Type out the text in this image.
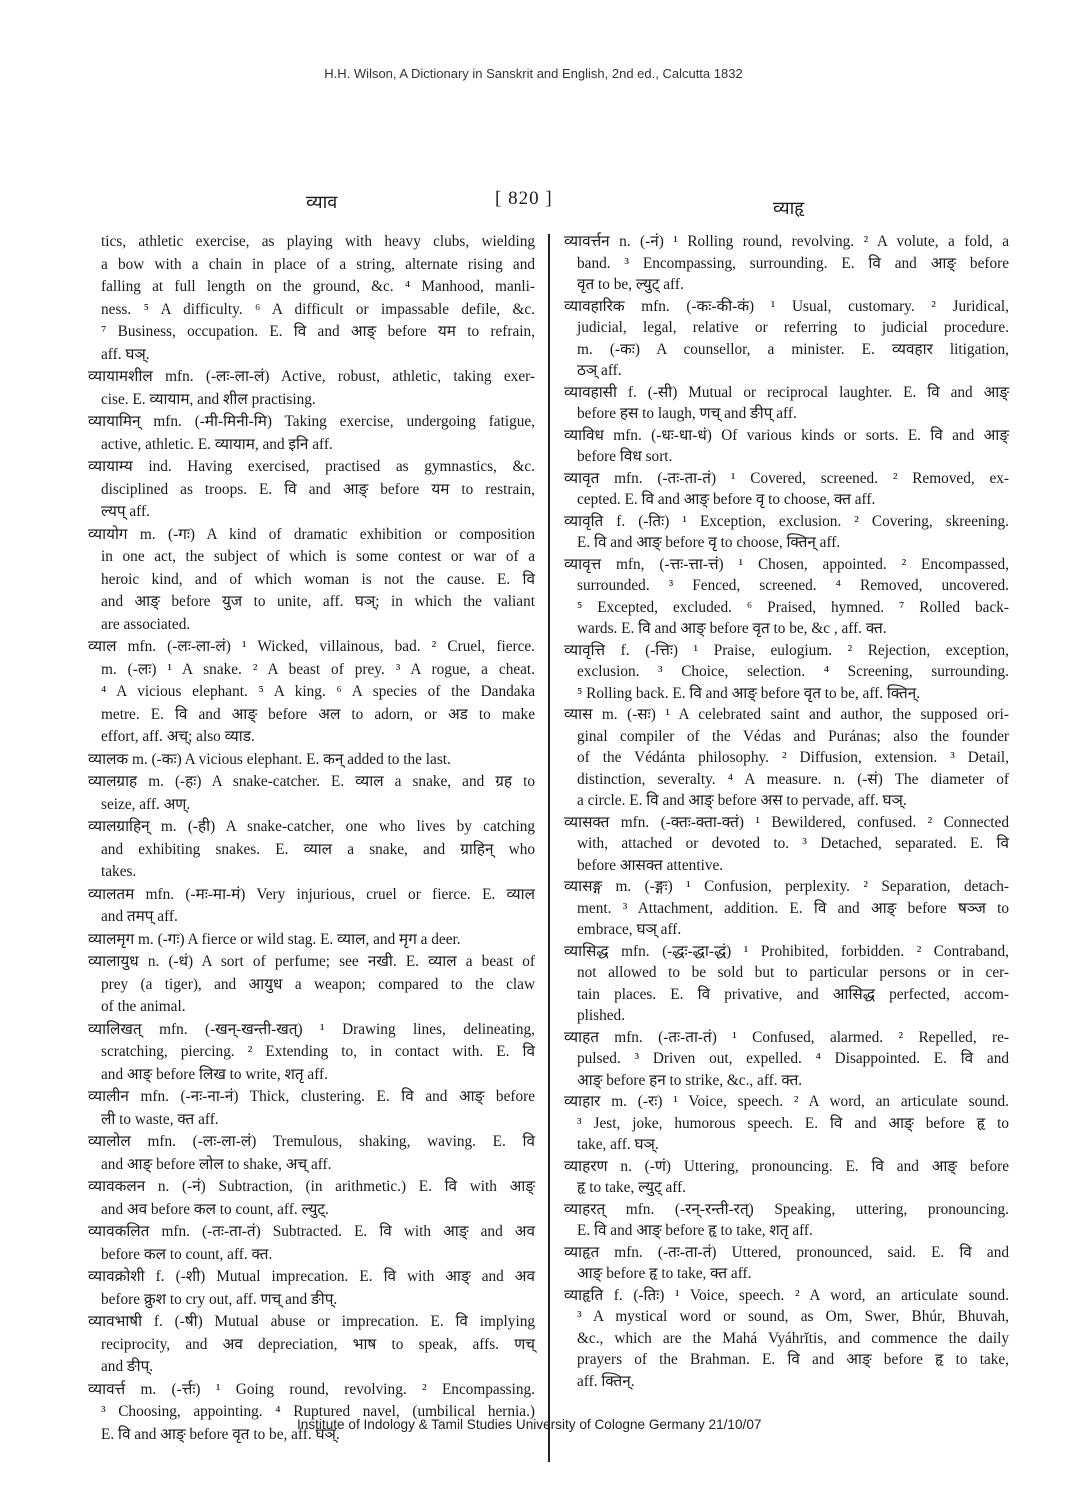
H.H. Wilson, A Dictionary in Sanskrit and English, 2nd ed., Calcutta 1832
व्याव	[ 820 ]	व्याहृ
tics, athletic exercise, as playing with heavy clubs, wielding
a bow with a chain in place of a string, alternate rising and
falling at full length on the ground, &c. ⁴ Manhood, manli-
ness. ⁵ A difficulty. ⁶ A difficult or impassable defile, &c.
⁷ Business, occupation. E. वि and आङ् before यम to refrain,
aff. घञ्.
व्यायामशील mfn. (-लः-ला-लं) Active, robust, athletic, taking exer-
cise. E. व्यायाम, and शील practising.
व्यायामिन् mfn. (-मी-मिनी-मि) Taking exercise, undergoing fatigue,
active, athletic. E. व्यायाम, and इनि aff.
व्यायाम्य ind. Having exercised, practised as gymnastics, &c.
disciplined as troops. E. वि and आङ् before यम to restrain,
ल्यप् aff.
व्यायोग m. (-गः) A kind of dramatic exhibition or composition
in one act, the subject of which is some contest or war of a
heroic kind, and of which woman is not the cause. E. वि
and आङ् before युज to unite, aff. घञ्; in which the valiant
are associated.
व्याल mfn. (-लः-ला-लं) ¹ Wicked, villainous, bad. ² Cruel, fierce.
m. (-लः) ¹ A snake. ² A beast of prey. ³ A rogue, a cheat.
⁴ A vicious elephant. ⁵ A king. ⁶ A species of the Dandaka
metre. E. वि and आङ् before अल to adorn, or अड to make
effort, aff. अच्; also व्याड.
व्यालक m. (-कः) A vicious elephant. E. कन् added to the last.
व्यालग्राह m. (-हः) A snake-catcher. E. व्याल a snake, and ग्रह to
seize, aff. अण्.
व्यालग्राहिन् m. (-ही) A snake-catcher, one who lives by catching
and exhibiting snakes. E. व्याल a snake, and ग्राहिन् who
takes.
व्यालतम mfn. (-मः-मा-मं) Very injurious, cruel or fierce. E. व्याल
and तमप् aff.
व्यालमृग m. (-गः) A fierce or wild stag. E. व्याल, and मृग a deer.
व्यालायुध n. (-धं) A sort of perfume; see नखी. E. व्याल a beast of
prey (a tiger), and आयुध a weapon; compared to the claw
of the animal.
व्यालिखत् mfn. (-खन्-खन्ती-खत्) ¹ Drawing lines, delineating,
scratching, piercing. ² Extending to, in contact with. E. वि
and आङ् before लिख to write, शतृ aff.
व्यालीन mfn. (-नः-ना-नं) Thick, clustering. E. वि and आङ् before
ली to waste, क्त aff.
व्यालोल mfn. (-लः-ला-लं) Tremulous, shaking, waving. E. वि
and आङ् before लोल to shake, अच् aff.
व्यावकलन n. (-नं) Subtraction, (in arithmetic.) E. वि with आङ्
and अव before कल to count, aff. ल्युट्.
व्यावकलित mfn. (-तः-ता-तं) Subtracted. E. वि with आङ् and अव
before कल to count, aff. क्त.
व्यावक्रोशी f. (-शी) Mutual imprecation. E. वि with आङ् and अव
before क्रुश to cry out, aff. णच् and ङीप्.
व्यावभाषी f. (-षी) Mutual abuse or imprecation. E. वि implying
reciprocity, and अव depreciation, भाष to speak, affs. णच्
and ङीप्.
व्यावर्त्त m. (-र्त्तः) ¹ Going round, revolving. ² Encompassing.
³ Choosing, appointing. ⁴ Ruptured navel, (umbilical hernia.)
E. वि and आङ् before वृत to be, aff. घञ्.
व्यावर्त्तन n. (-नं) ¹ Rolling round, revolving. ² A volute, a fold, a
band. ³ Encompassing, surrounding. E. वि and आङ् before
वृत to be, ल्युट् aff.
व्यावहारिक mfn. (-कः-की-कं) ¹ Usual, customary. ² Juridical,
judicial, legal, relative or referring to judicial procedure.
m. (-कः) A counsellor, a minister. E. व्यवहार litigation,
ठञ् aff.
व्यावहासी f. (-सी) Mutual or reciprocal laughter. E. वि and आङ्
before हस to laugh, णच् and ङीप् aff.
व्याविध mfn. (-धः-धा-धं) Of various kinds or sorts. E. वि and आङ्
before विध sort.
व्यावृत mfn. (-तः-ता-तं) ¹ Covered, screened. ² Removed, ex-
cepted. E. वि and आङ् before वृ to choose, क्त aff.
व्यावृति f. (-तिः) ¹ Exception, exclusion. ² Covering, skreening.
E. वि and आङ् before वृ to choose, क्तिन् aff.
व्यावृत्त mfn, (-त्तः-त्ता-त्तं) ¹ Chosen, appointed. ² Encompassed,
surrounded. ³ Fenced, screened. ⁴ Removed, uncovered.
⁵ Excepted, excluded. ⁶ Praised, hymned. ⁷ Rolled back-
wards. E. वि and आङ् before वृत to be, &c , aff. क्त.
व्यावृत्ति f. (-त्तिः) ¹ Praise, eulogium. ² Rejection, exception,
exclusion. ³ Choice, selection. ⁴ Screening, surrounding.
⁵ Rolling back. E. वि and आङ् before वृत to be, aff. क्तिन्.
व्यास m. (-सः) ¹ A celebrated saint and author, the supposed ori-
ginal compiler of the Védas and Puránas; also the founder
of the Védánta philosophy. ² Diffusion, extension. ³ Detail,
distinction, severalty. ⁴ A measure. n. (-सं) The diameter of
a circle. E. वि and आङ् before अस to pervade, aff. घञ्.
व्यासक्त mfn. (-क्तः-क्ता-क्तं) ¹ Bewildered, confused. ² Connected
with, attached or devoted to. ³ Detached, separated. E. वि
before आसक्त attentive.
व्यासङ्ग m. (-ङ्गः) ¹ Confusion, perplexity. ² Separation, detach-
ment. ³ Attachment, addition. E. वि and आङ् before षञ्ज to
embrace, घञ् aff.
व्यासिद्ध mfn. (-द्धः-द्धा-द्धं) ¹ Prohibited, forbidden. ² Contraband,
not allowed to be sold but to particular persons or in cer-
tain places. E. वि privative, and आसिद्ध perfected, accom-
plished.
व्याहत mfn. (-तः-ता-तं) ¹ Confused, alarmed. ² Repelled, re-
pulsed. ³ Driven out, expelled. ⁴ Disappointed. E. वि and
आङ् before हन to strike, &c., aff. क्त.
व्याहार m. (-रः) ¹ Voice, speech. ² A word, an articulate sound.
³ Jest, joke, humorous speech. E. वि and आङ् before हृ to
take, aff. घञ्.
व्याहरण n. (-णं) Uttering, pronouncing. E. वि and आङ् before
हृ to take, ल्युट् aff.
व्याहरत् mfn. (-रन्-रन्ती-रत्) Speaking, uttering, pronouncing.
E. वि and आङ् before हृ to take, शतृ aff.
व्याहृत mfn. (-तः-ता-तं) Uttered, pronounced, said. E. वि and
आङ् before हृ to take, क्त aff.
व्याहृति f. (-तिः) ¹ Voice, speech. ² A word, an articulate sound.
³ A mystical word or sound, as Om, Swer, Bhúr, Bhuvah,
&c., which are the Mahá Vyáhrĭtis, and commence the daily
prayers of the Brahman. E. वि and आङ् before हृ to take,
aff. क्तिन्.
Institute of Indology & Tamil Studies University of Cologne Germany 21/10/07
